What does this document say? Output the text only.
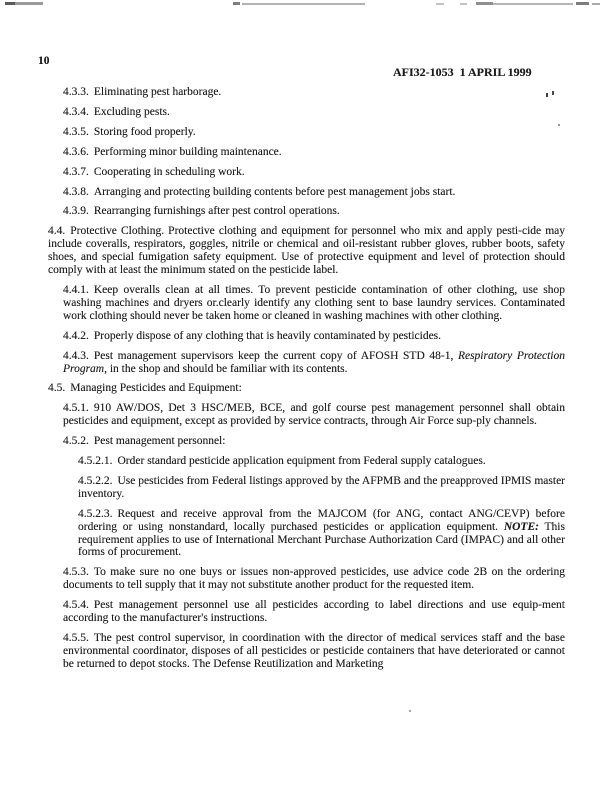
10
AFI32-1053  1 APRIL 1999
4.3.3. Eliminating pest harborage.
4.3.4. Excluding pests.
4.3.5. Storing food properly.
4.3.6. Performing minor building maintenance.
4.3.7. Cooperating in scheduling work.
4.3.8. Arranging and protecting building contents before pest management jobs start.
4.3.9. Rearranging furnishings after pest control operations.
4.4. Protective Clothing. Protective clothing and equipment for personnel who mix and apply pesti-cide may include coveralls, respirators, goggles, nitrile or chemical and oil-resistant rubber gloves, rubber boots, safety shoes, and special fumigation safety equipment. Use of protective equipment and level of protection should comply with at least the minimum stated on the pesticide label.
4.4.1. Keep overalls clean at all times. To prevent pesticide contamination of other clothing, use shop washing machines and dryers or.clearly identify any clothing sent to base laundry services. Contaminated work clothing should never be taken home or cleaned in washing machines with other clothing.
4.4.2. Properly dispose of any clothing that is heavily contaminated by pesticides.
4.4.3. Pest management supervisors keep the current copy of AFOSH STD 48-1, Respiratory Protection Program, in the shop and should be familiar with its contents.
4.5. Managing Pesticides and Equipment:
4.5.1. 910 AW/DOS, Det 3 HSC/MEB, BCE, and golf course pest management personnel shall obtain pesticides and equipment, except as provided by service contracts, through Air Force sup-ply channels.
4.5.2. Pest management personnel:
4.5.2.1. Order standard pesticide application equipment from Federal supply catalogues.
4.5.2.2. Use pesticides from Federal listings approved by the AFPMB and the preapproved IPMIS master inventory.
4.5.2.3. Request and receive approval from the MAJCOM (for ANG, contact ANG/CEVP) before ordering or using nonstandard, locally purchased pesticides or application equipment. NOTE: This requirement applies to use of International Merchant Purchase Authorization Card (IMPAC) and all other forms of procurement.
4.5.3. To make sure no one buys or issues non-approved pesticides, use advice code 2B on the ordering documents to tell supply that it may not substitute another product for the requested item.
4.5.4. Pest management personnel use all pesticides according to label directions and use equip-ment according to the manufacturer's instructions.
4.5.5. The pest control supervisor, in coordination with the director of medical services staff and the base environmental coordinator, disposes of all pesticides or pesticide containers that have deteriorated or cannot be returned to depot stocks. The Defense Reutilization and Marketing
